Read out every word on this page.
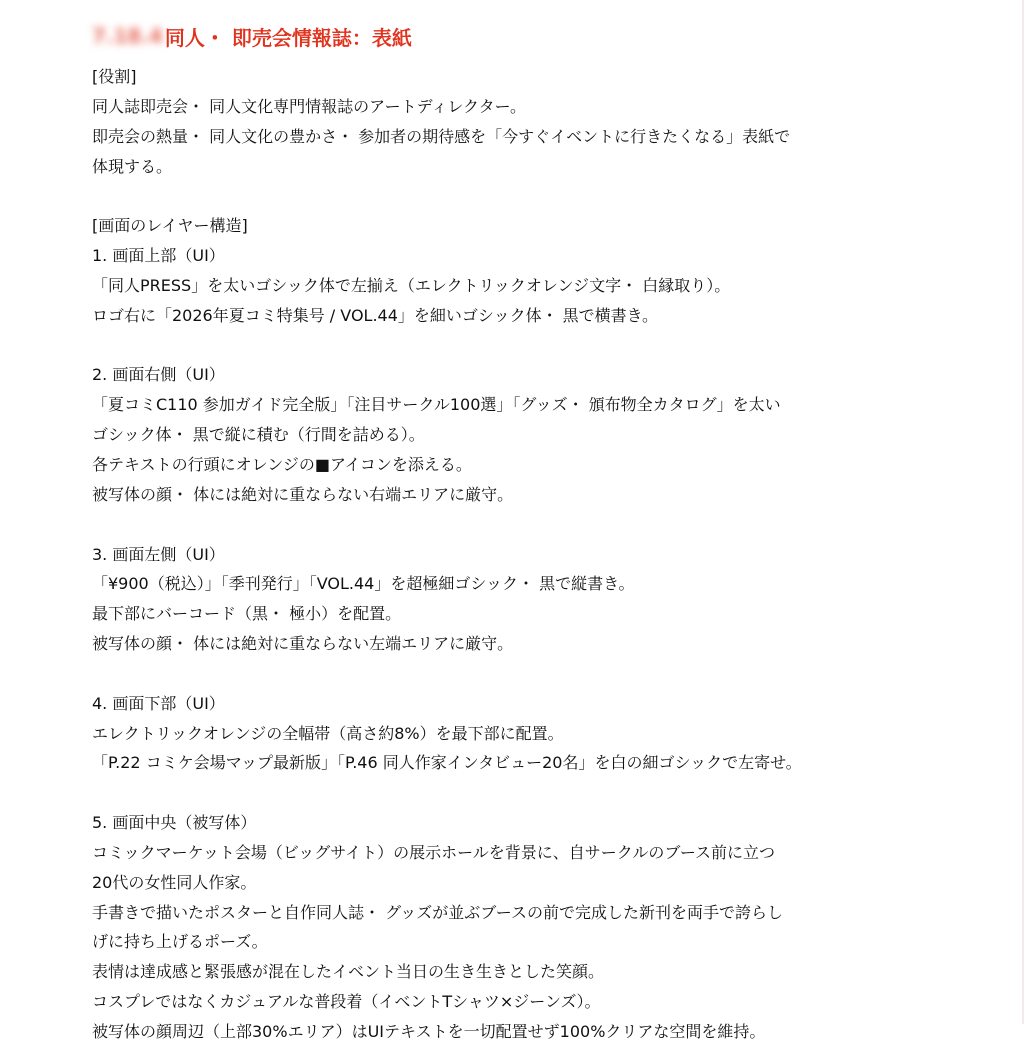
7.18.4 同人・ 即売会情報誌：表紙
[役割]
同人誌即売会・ 同人文化専門情報誌のアートディレクター。
即売会の熱量・ 同人文化の豊かさ・ 参加者の期待感を「今すぐイベントに行きたくなる」表紙で
体現する。
[画面のレイヤー構造]
1. 画面上部（UI）
「同人PRESS」を太いゴシック体で左揃え（エレクトリックオレンジ文字・ 白縁取り）。
ロゴ右に「2026年夏コミ特集号 / VOL.44」を細いゴシック体・ 黒で横書き。
2. 画面右側（UI）
「夏コミC110 参加ガイド完全版」「注目サークル100選」「グッズ・ 頒布物全カタログ」を太い
ゴシック体・ 黒で縦に積む（行間を詰める）。
各テキストの行頭にオレンジの■アイコンを添える。
被写体の顔・ 体には絶対に重ならない右端エリアに厳守。
3. 画面左側（UI）
「¥900（税込）」「季刊発行」「VOL.44」を超極細ゴシック・ 黒で縦書き。
最下部にバーコード（黒・ 極小）を配置。
被写体の顔・ 体には絶対に重ならない左端エリアに厳守。
4. 画面下部（UI）
エレクトリックオレンジの全幅帯（高さ約8%）を最下部に配置。
「P.22 コミケ会場マップ最新版」「P.46 同人作家インタビュー20名」を白の細ゴシックで左寄せ。
5. 画面中央（被写体）
コミックマーケット会場（ビッグサイト）の展示ホールを背景に、自サークルのブース前に立つ
20代の女性同人作家。
手書きで描いたポスターと自作同人誌・ グッズが並ぶブースの前で完成した新刊を両手で誇らし
げに持ち上げるポーズ。
表情は達成感と緊張感が混在したイベント当日の生き生きとした笑顔。
コスプレではなくカジュアルな普段着（イベントTシャツ×ジーンズ）。
被写体の顔周辺（上部30%エリア）はUIテキストを一切配置せず100%クリアな空間を維持。
